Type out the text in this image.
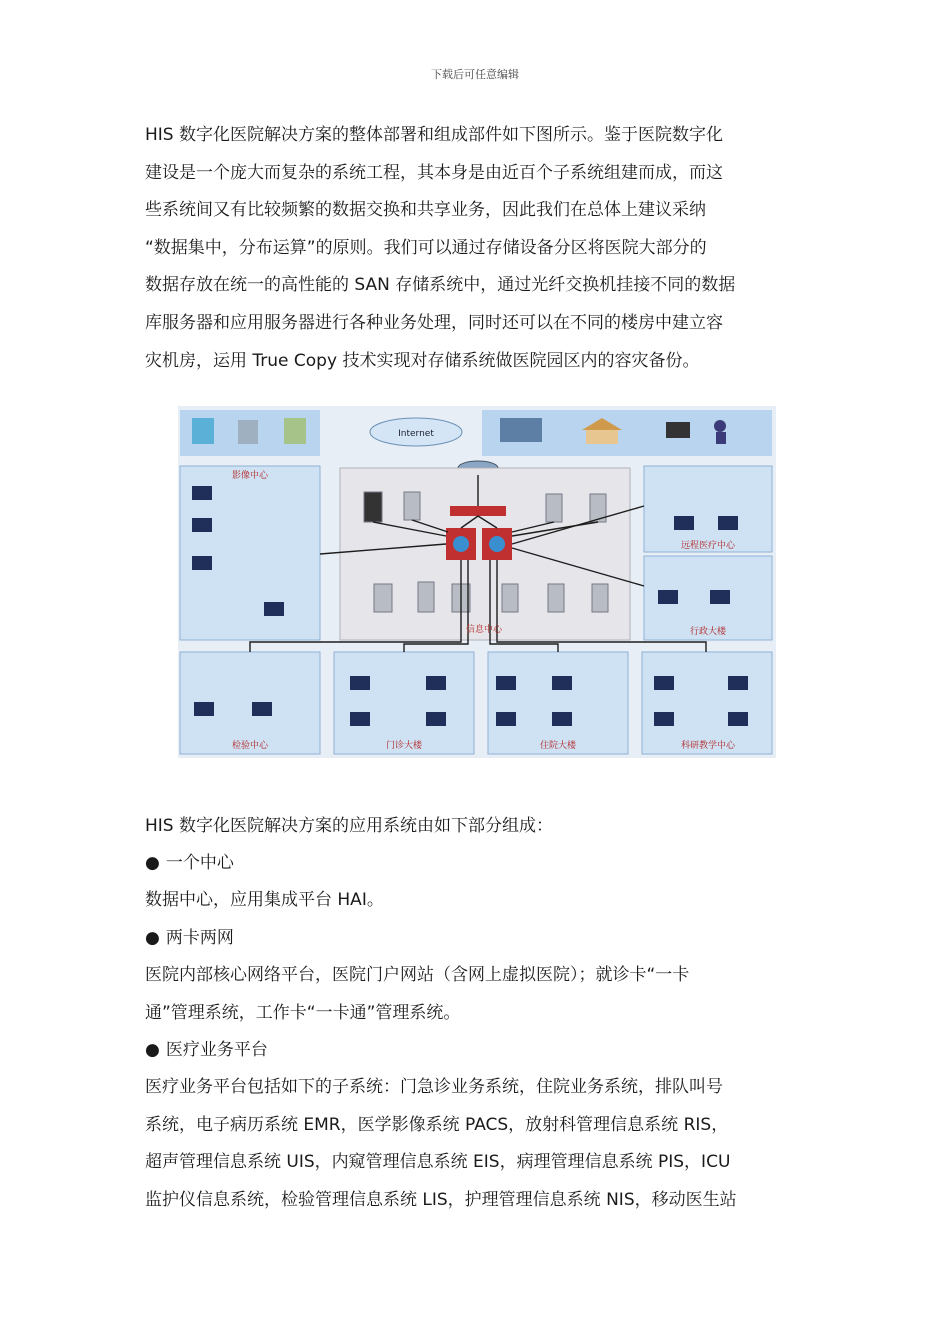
下载后可任意编辑

HIS 数字化医院解决方案的整体部署和组成部件如下图所示。鉴于医院数字化
建设是一个庞大而复杂的系统工程，其本身是由近百个子系统组建而成，而这
些系统间又有比较频繁的数据交换和共享业务，因此我们在总体上建议采纳
“数据集中，分布运算”的原则。我们可以通过存储设备分区将医院大部分的
数据存放在统一的高性能的 SAN 存储系统中，通过光纤交换机挂接不同的数据
库服务器和应用服务器进行各种业务处理，同时还可以在不同的楼房中建立容
灾机房，运用 True Copy 技术实现对存储系统做医院园区内的容灾备份。

Internet
影像中心
远程医疗中心
信息中心	行政大楼
检验中心	门诊大楼	住院大楼	科研教学中心

HIS 数字化医院解决方案的应用系统由如下部分组成：

● 一个中心

数据中心，应用集成平台 HAI。

● 两卡两网

医院内部核心网络平台，医院门户网站（含网上虚拟医院）；就诊卡“一卡

通”管理系统，工作卡“一卡通”管理系统。

● 医疗业务平台

医疗业务平台包括如下的子系统：门急诊业务系统，住院业务系统，排队叫号

系统，电子病历系统 EMR，医学影像系统 PACS，放射科管理信息系统 RIS，

超声管理信息系统 UIS，内窥管理信息系统 EIS，病理管理信息系统 PIS，ICU

监护仪信息系统，检验管理信息系统 LIS，护理管理信息系统 NIS，移动医生站
